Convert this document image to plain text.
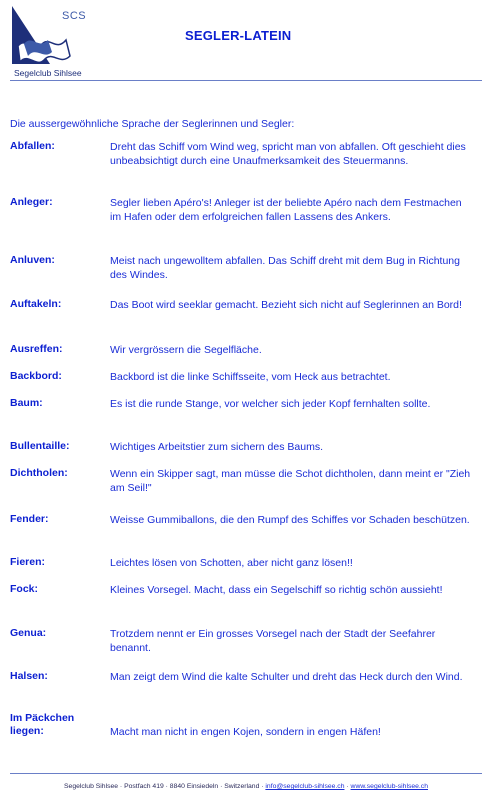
SCS
Segelclub Sihlsee
SEGLER-LATEIN
Die aussergewöhnliche Sprache der Seglerinnen und Segler:
Abfallen:	Dreht das Schiff vom Wind weg, spricht man von abfallen. Oft geschieht dies unbeabsichtigt durch eine Unaufmerksamkeit des Steuermanns.
Anleger:	Segler lieben Apéro's! Anleger ist der beliebte Apéro nach dem Festmachen im Hafen oder dem erfolgreichen fallen Lassens des Ankers.
Anluven:	Meist nach ungewolltem abfallen. Das Schiff dreht mit dem Bug in Richtung des Windes.
Auftakeln:	Das Boot wird seeklar gemacht. Bezieht sich nicht auf Seglerinnen an Bord!
Ausreffen:	Wir vergrössern die Segelfläche.
Backbord:	Backbord ist die linke Schiffsseite, vom Heck aus betrachtet.
Baum:	Es ist die runde Stange, vor welcher sich jeder Kopf fernhalten sollte.
Bullentaille:	Wichtiges Arbeitstier zum sichern des Baums.
Dichtholen:	Wenn ein Skipper sagt, man müsse die Schot dichtholen, dann meint er "Zieh am Seil!"
Fender:	Weisse Gummiballons, die den Rumpf des Schiffes vor Schaden beschützen.
Fieren:	Leichtes lösen von Schotten, aber nicht ganz lösen!!
Fock:	Kleines Vorsegel. Macht, dass ein Segelschiff so richtig schön aussieht!
Genua:	Trotzdem nennt er Ein grosses Vorsegel nach der Stadt der Seefahrer benannt.
Halsen:	Man zeigt dem Wind die kalte Schulter und dreht das Heck durch den Wind.
Im Päckchen liegen:	Macht man nicht in engen Kojen, sondern in engen Häfen!
Segelclub Sihlsee · Postfach 419 · 8840 Einsiedeln · Switzerland · info@segelclub-sihlsee.ch · www.segelclub-sihlsee.ch
